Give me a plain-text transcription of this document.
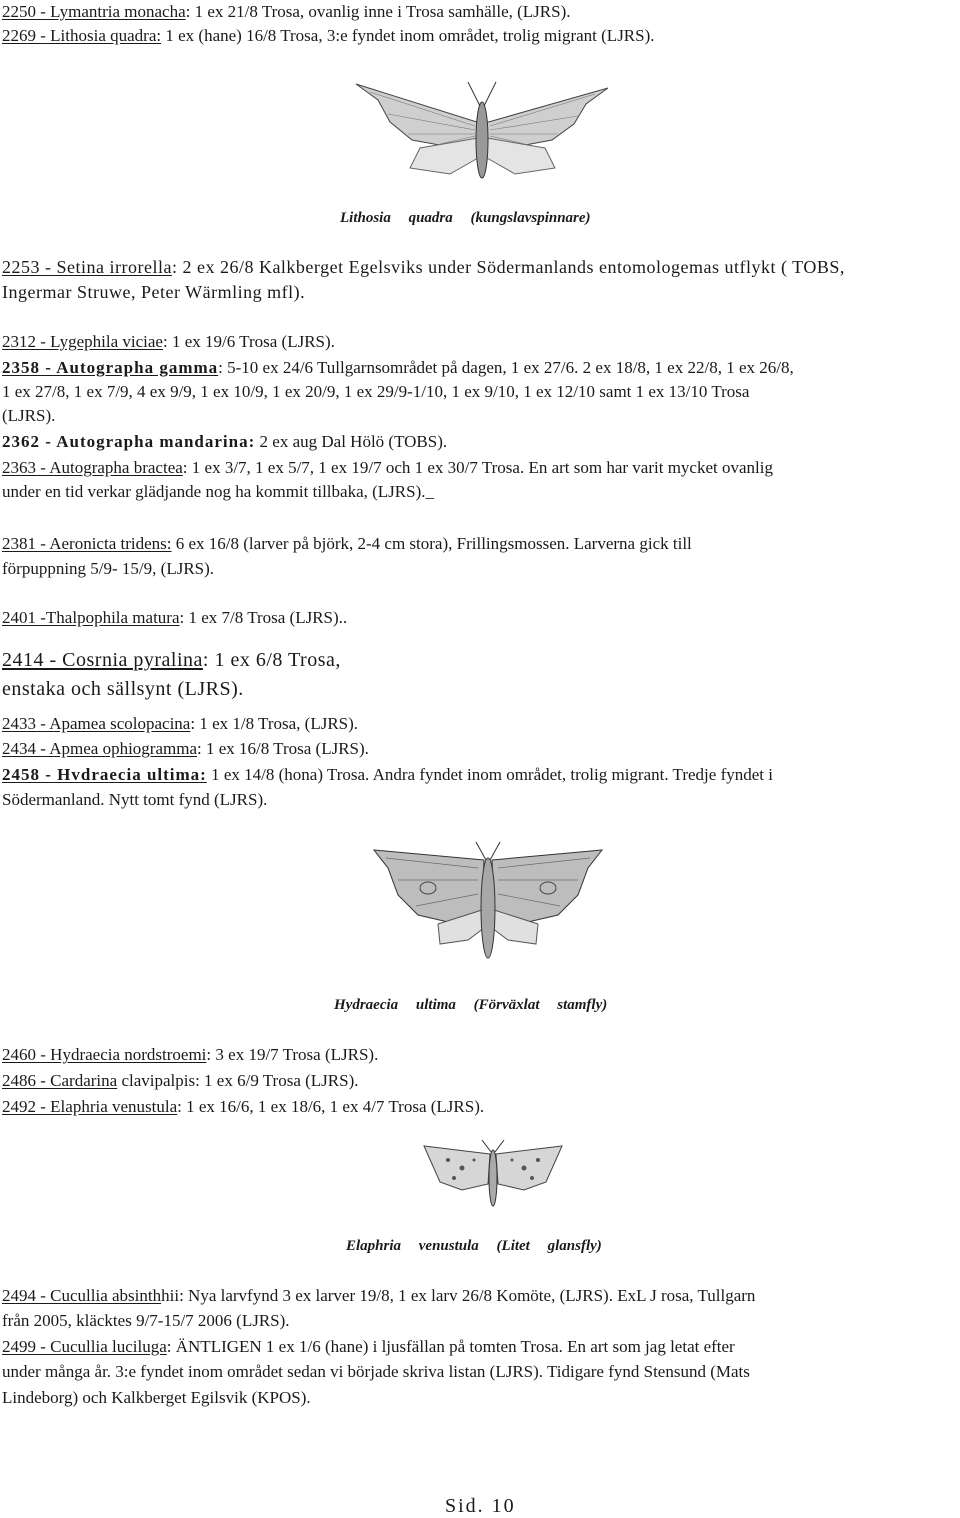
2250 - Lymantria monacha: 1 ex 21/8 Trosa, ovanlig inne i Trosa samhälle, (LJRS).
2269 - Lithosia quadra: 1 ex (hane) 16/8 Trosa, 3:e fyndet inom området, trolig migrant (LJRS).
Lithosia quadra (kungslavspinnare)
2253 - Setina irrorella: 2 ex 26/8 Kalkberget Egelsviks under Södermanlands entomologemas utflykt ( TOBS,
Ingermar Struwe, Peter Wärmling mfl).
2312 - Lygephila viciae: 1 ex 19/6 Trosa (LJRS).
2358 - Autographa gamma: 5-10 ex 24/6 Tullgarnsområdet på dagen, 1 ex 27/6. 2 ex 18/8, 1 ex 22/8, 1 ex 26/8,
1 ex 27/8, 1 ex 7/9, 4 ex 9/9, 1 ex 10/9, 1 ex 20/9, 1 ex 29/9-1/10, 1 ex 9/10, 1 ex 12/10 samt 1 ex 13/10 Trosa
(LJRS).
2362 - Autographa mandarina: 2 ex aug Dal Hölö (TOBS).
2363 - Autographa bractea: 1 ex 3/7, 1 ex 5/7, 1 ex 19/7 och 1 ex 30/7 Trosa. En art som har varit mycket ovanlig
under en tid verkar glädjande nog ha kommit tillbaka, (LJRS)._
2381 - Aeronicta tridens: 6 ex 16/8 (larver på björk, 2-4 cm stora), Frillingsmossen. Larverna gick till
förpuppning 5/9- 15/9, (LJRS).
2401 -Thalpophila matura: 1 ex 7/8 Trosa (LJRS)..
2414 - Cosrnia pyralina: 1 ex 6/8 Trosa,
enstaka och sällsynt (LJRS).
2433 - Apamea scolopacina: 1 ex 1/8 Trosa, (LJRS).
2434 - Apmea ophiogramma: 1 ex 16/8 Trosa (LJRS).
2458 - Hvdraecia ultima: 1 ex 14/8 (hona) Trosa. Andra fyndet inom området, trolig migrant. Tredje fyndet i
Södermanland. Nytt tomt fynd (LJRS).
Hydraecia ultima (Förväxlat stamfly)
2460 - Hydraecia nordstroemi: 3 ex 19/7 Trosa (LJRS).
2486 - Cardarina clavipalpis: 1 ex 6/9 Trosa (LJRS).
2492 - Elaphria venustula: 1 ex 16/6, 1 ex 18/6, 1 ex 4/7 Trosa (LJRS).
Elaphria venustula (Litet glansfly)
2494 - Cucullia absinthhii: Nya larvfynd 3 ex larver 19/8, 1 ex larv 26/8 Komöte, (LJRS). ExL J rosa, Tullgarn
från 2005, kläcktes 9/7-15/7 2006 (LJRS).
2499 - Cucullia luciluga: ÄNTLIGEN 1 ex 1/6 (hane) i ljusfällan på tomten Trosa. En art som jag letat efter
under många år. 3:e fyndet inom området sedan vi började skriva listan (LJRS). Tidigare fynd Stensund (Mats
Lindeborg) och Kalkberget Egilsvik (KPOS).
Sid. 10
